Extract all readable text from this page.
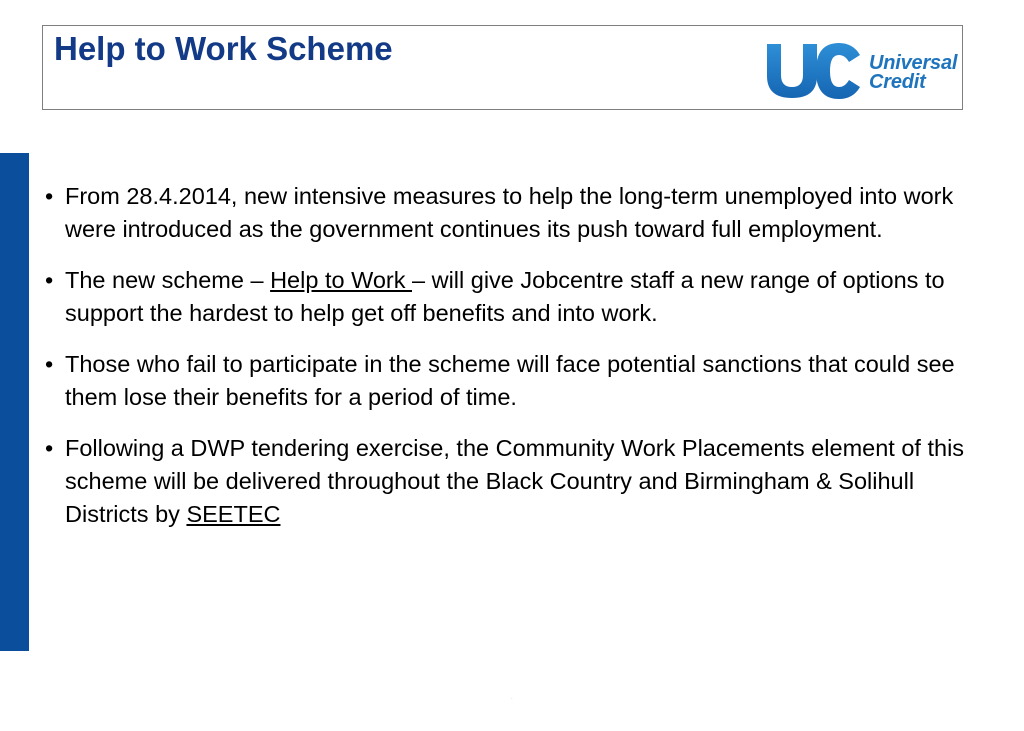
Help to Work Scheme	Universal
Credit
• From 28.4.2014, new intensive measures to help the long-term unemployed into work were introduced as the government continues its push toward full employment.
• The new scheme – Help to Work – will give Jobcentre staff a new range of options to support the hardest to help get off benefits and into work.
• Those who fail to participate in the scheme will face potential sanctions that could see them lose their benefits for a period of time.
• Following a DWP tendering exercise, the Community Work Placements element of this scheme will be delivered throughout the Black Country and Birmingham & Solihull Districts by SEETEC
.
